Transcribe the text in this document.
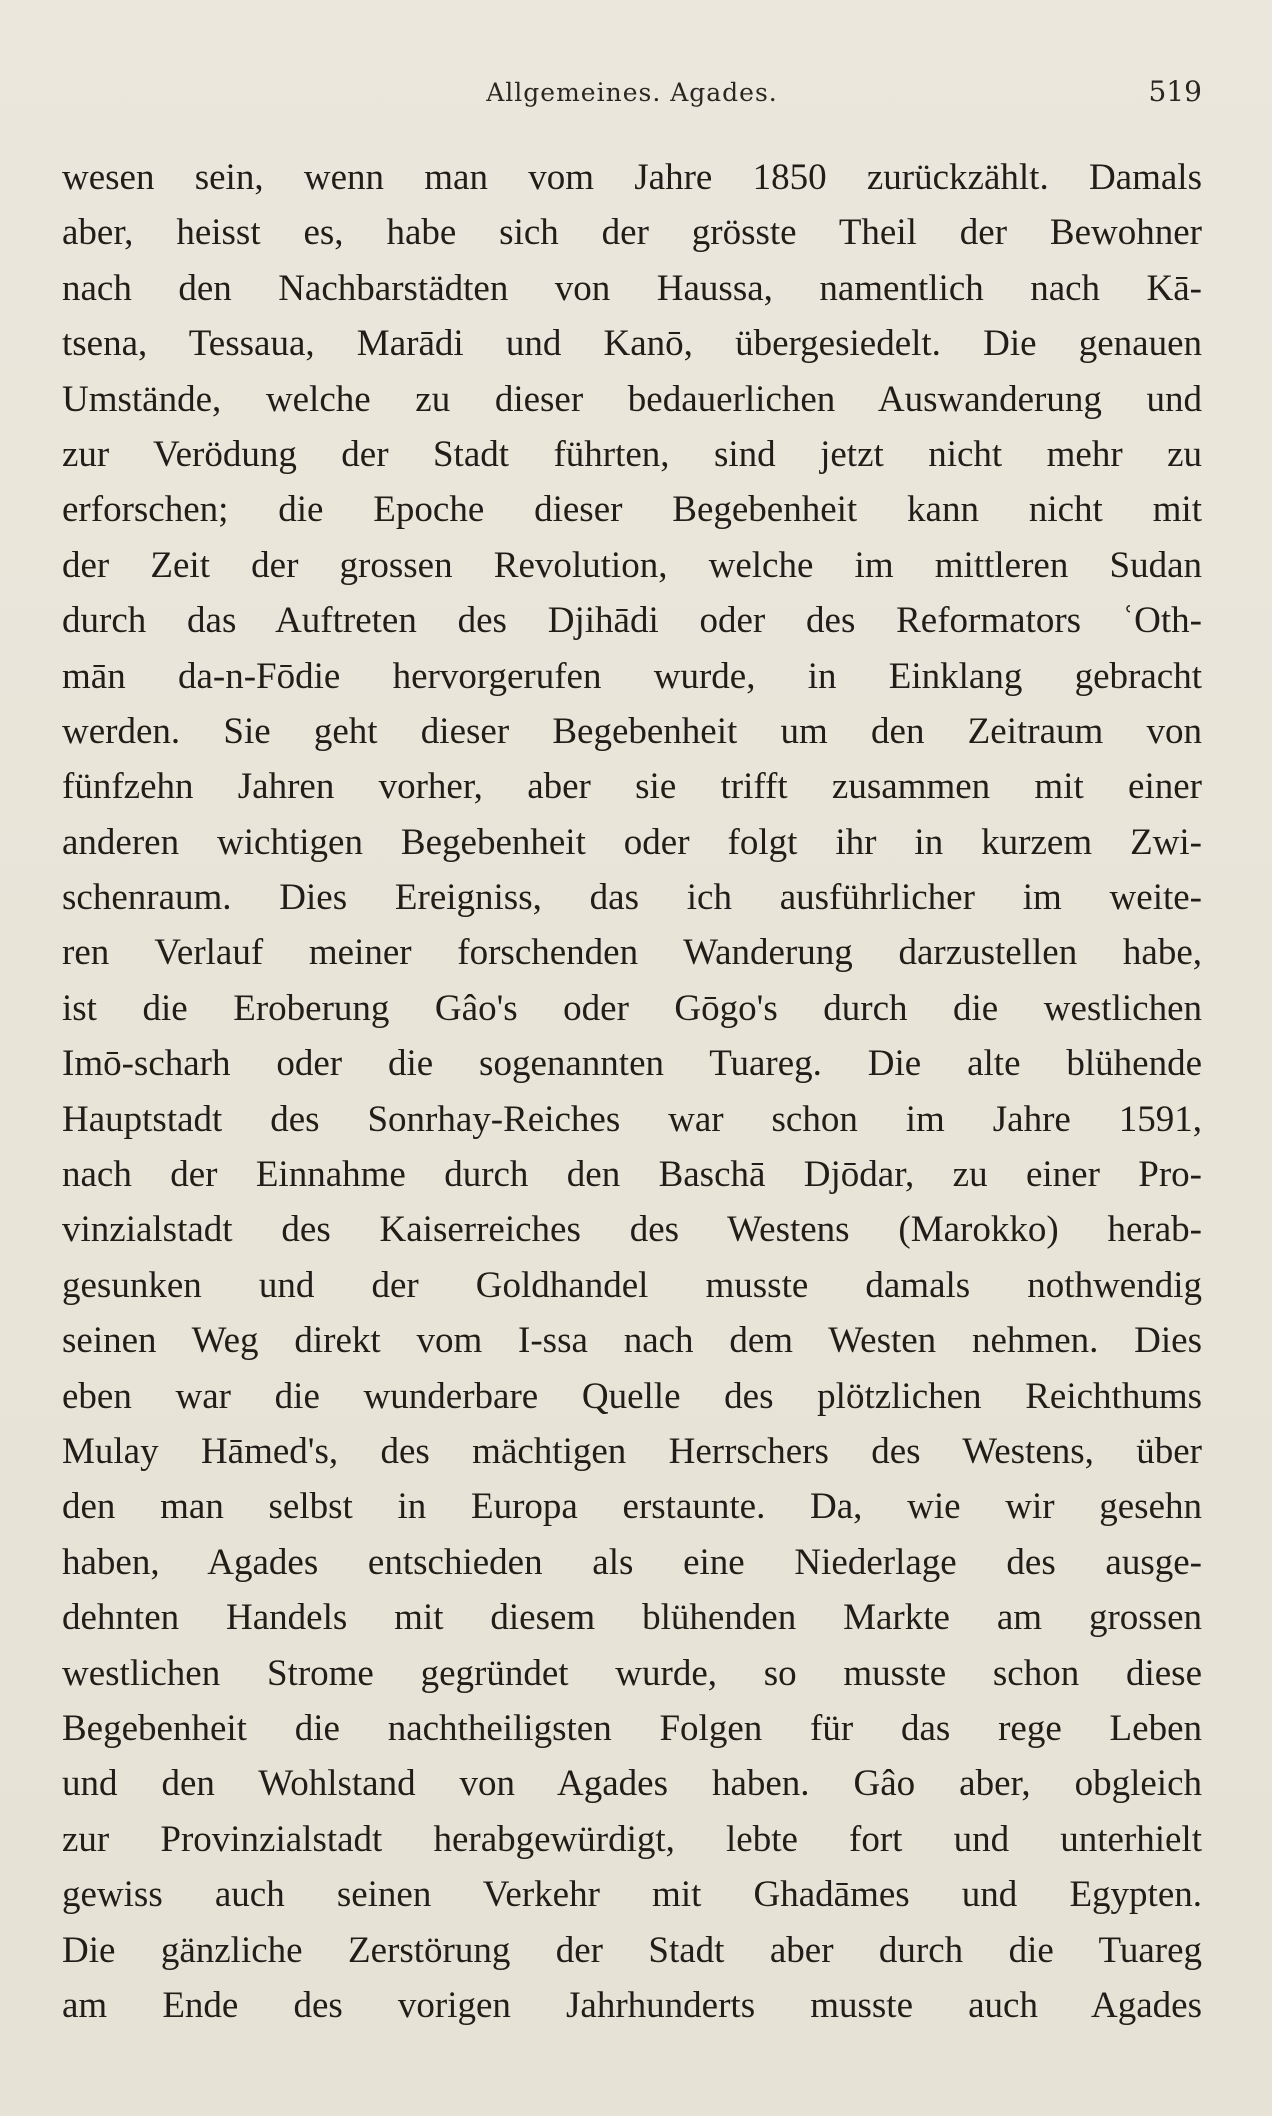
Allgemeines. Agades.	519
wesen sein, wenn man vom Jahre 1850 zurückzählt. Damals
aber, heisst es, habe sich der grösste Theil der Bewohner
nach den Nachbarstädten von Haussa, namentlich nach Kā-
tsena, Tessaua, Marādi und Kanō, übergesiedelt. Die genauen
Umstände, welche zu dieser bedauerlichen Auswanderung und
zur Verödung der Stadt führten, sind jetzt nicht mehr zu
erforschen; die Epoche dieser Begebenheit kann nicht mit
der Zeit der grossen Revolution, welche im mittleren Sudan
durch das Auftreten des Djihādi oder des Reformators ʿOth-
mān da-n-Fōdie hervorgerufen wurde, in Einklang gebracht
werden. Sie geht dieser Begebenheit um den Zeitraum von
fünfzehn Jahren vorher, aber sie trifft zusammen mit einer
anderen wichtigen Begebenheit oder folgt ihr in kurzem Zwi-
schenraum. Dies Ereigniss, das ich ausführlicher im weite-
ren Verlauf meiner forschenden Wanderung darzustellen habe,
ist die Eroberung Gâo's oder Gōgo's durch die westlichen
Imō-scharh oder die sogenannten Tuareg. Die alte blühende
Hauptstadt des Sonrhay-Reiches war schon im Jahre 1591,
nach der Einnahme durch den Baschā Djōdar, zu einer Pro-
vinzialstadt des Kaiserreiches des Westens (Marokko) herab-
gesunken und der Goldhandel musste damals nothwendig
seinen Weg direkt vom I-ssa nach dem Westen nehmen. Dies
eben war die wunderbare Quelle des plötzlichen Reichthums
Mulay Hāmed's, des mächtigen Herrschers des Westens, über
den man selbst in Europa erstaunte. Da, wie wir gesehn
haben, Agades entschieden als eine Niederlage des ausge-
dehnten Handels mit diesem blühenden Markte am grossen
westlichen Strome gegründet wurde, so musste schon diese
Begebenheit die nachtheiligsten Folgen für das rege Leben
und den Wohlstand von Agades haben. Gâo aber, obgleich
zur Provinzialstadt herabgewürdigt, lebte fort und unterhielt
gewiss auch seinen Verkehr mit Ghadāmes und Egypten.
Die gänzliche Zerstörung der Stadt aber durch die Tuareg
am Ende des vorigen Jahrhunderts musste auch Agades
